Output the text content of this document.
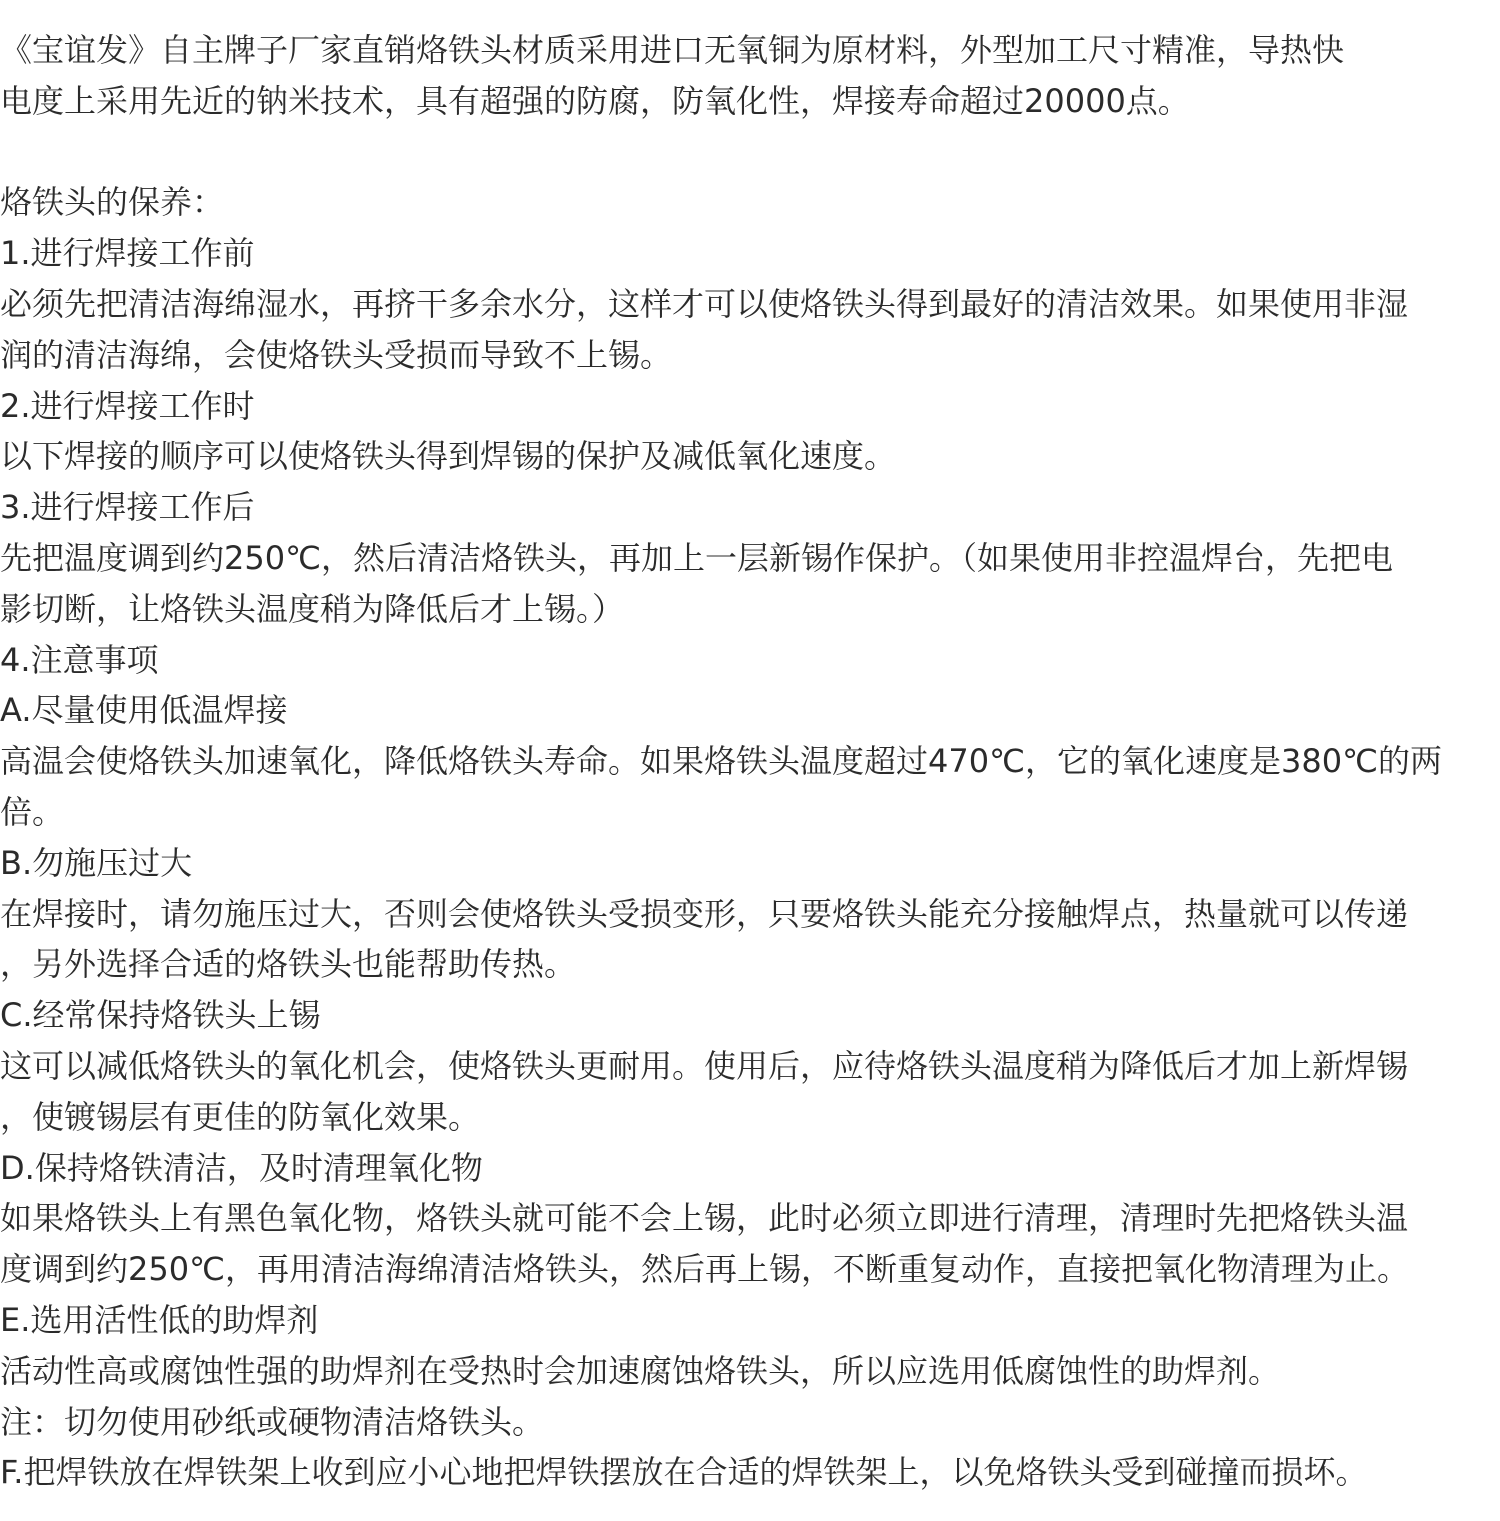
《宝谊发》自主牌子厂家直销烙铁头材质采用进口无氧铜为原材料，外型加工尺寸精准，导热快
电度上采用先近的钠米技术，具有超强的防腐，防氧化性，焊接寿命超过20000点。
烙铁头的保养：
1.进行焊接工作前
必须先把清洁海绵湿水，再挤干多余水分，这样才可以使烙铁头得到最好的清洁效果。如果使用非湿
润的清洁海绵，会使烙铁头受损而导致不上锡。
2.进行焊接工作时
以下焊接的顺序可以使烙铁头得到焊锡的保护及减低氧化速度。
3.进行焊接工作后
先把温度调到约250℃，然后清洁烙铁头，再加上一层新锡作保护。（如果使用非控温焊台，先把电
影切断，让烙铁头温度稍为降低后才上锡。）
4.注意事项
A.尽量使用低温焊接
高温会使烙铁头加速氧化，降低烙铁头寿命。如果烙铁头温度超过470℃，它的氧化速度是380℃的两
倍。
B.勿施压过大
在焊接时，请勿施压过大，否则会使烙铁头受损变形，只要烙铁头能充分接触焊点，热量就可以传递
，另外选择合适的烙铁头也能帮助传热。
C.经常保持烙铁头上锡
这可以减低烙铁头的氧化机会，使烙铁头更耐用。使用后，应待烙铁头温度稍为降低后才加上新焊锡
，使镀锡层有更佳的防氧化效果。
D.保持烙铁清洁，及时清理氧化物
如果烙铁头上有黑色氧化物，烙铁头就可能不会上锡，此时必须立即进行清理，清理时先把烙铁头温
度调到约250℃，再用清洁海绵清洁烙铁头，然后再上锡，不断重复动作，直接把氧化物清理为止。
E.选用活性低的助焊剂
活动性高或腐蚀性强的助焊剂在受热时会加速腐蚀烙铁头，所以应选用低腐蚀性的助焊剂。
注：切勿使用砂纸或硬物清洁烙铁头。
F.把焊铁放在焊铁架上收到应小心地把焊铁摆放在合适的焊铁架上，以免烙铁头受到碰撞而损坏。
